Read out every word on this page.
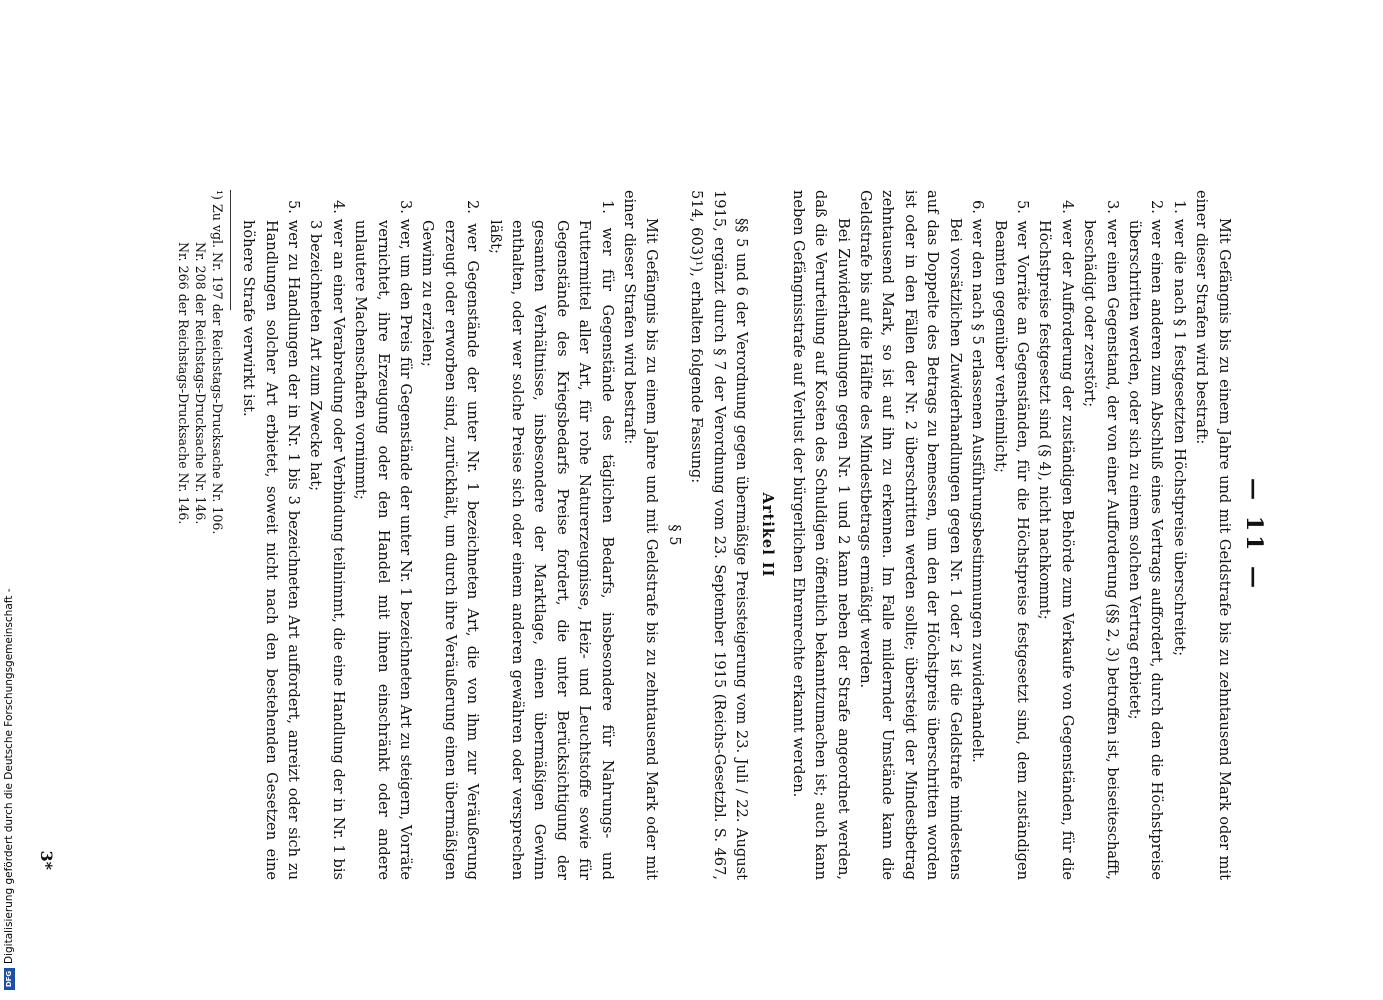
— 11 —

Mit Gefängnis bis zu einem Jahre und mit Geldstrafe bis zu zehntausend Mark oder mit einer dieser Strafen wird bestraft:

1. wer die nach § 1 festgesetzten Höchstpreise überschreitet;

2. wer einen anderen zum Abschluß eines Vertrags auffordert, durch den die Höchstpreise überschritten werden, oder sich zu einem solchen Vertrag erbietet;

3. wer einen Gegenstand, der von einer Aufforderung (§§ 2, 3) betroffen ist, beiseiteschafft, beschädigt oder zerstört;

4. wer der Aufforderung der zuständigen Behörde zum Verkaufe von Gegenständen, für die Höchstpreise festgesetzt sind (§ 4), nicht nachkommt;

5. wer Vorräte an Gegenständen, für die Höchstpreise festgesetzt sind, dem zuständigen Beamten gegenüber verheimlicht;

6. wer den nach § 5 erlassenen Ausführungsbestimmungen zuwiderhandelt.

Bei vorsätzlichen Zuwiderhandlungen gegen Nr. 1 oder 2 ist die Geldstrafe mindestens auf das Doppelte des Betrags zu bemessen, um den der Höchstpreis überschritten worden ist oder in den Fällen der Nr. 2 überschritten werden sollte; übersteigt der Mindestbetrag zehntausend Mark, so ist auf ihn zu erkennen. Im Falle mildernder Umstände kann die Geldstrafe bis auf die Hälfte des Mindestbetrags ermäßigt werden.

Bei Zuwiderhandlungen gegen Nr. 1 und 2 kann neben der Strafe angeordnet werden, daß die Verurteilung auf Kosten des Schuldigen öffentlich bekanntzumachen ist; auch kann neben Gefängnisstrafe auf Verlust der bürgerlichen Ehrenrechte erkannt werden.

Artikel II

§§ 5 und 6 der Verordnung gegen übermäßige Preissteigerung vom 23. Juli / 22. August 1915, ergänzt durch § 7 der Verordnung vom 23. September 1915 (Reichs-Gesetzbl. S. 467, 514, 603)¹), erhalten folgende Fassung:

§ 5

Mit Gefängnis bis zu einem Jahre und mit Geldstrafe bis zu zehntausend Mark oder mit einer dieser Strafen wird bestraft:

1. wer für Gegenstände des täglichen Bedarfs, insbesondere für Nahrungs- und Futtermittel aller Art, für rohe Naturerzeugnisse, Heiz- und Leuchtstoffe sowie für Gegenstände des Kriegsbedarfs Preise fordert, die unter Berücksichtigung der gesamten Verhältnisse, insbesondere der Marktlage, einen übermäßigen Gewinn enthalten, oder wer solche Preise sich oder einem anderen gewähren oder versprechen läßt;

2. wer Gegenstände der unter Nr. 1 bezeichneten Art, die von ihm zur Veräußerung erzeugt oder erworben sind, zurückhält, um durch ihre Veräußerung einen übermäßigen Gewinn zu erzielen;

3. wer, um den Preis für Gegenstände der unter Nr. 1 bezeichneten Art zu steigern, Vorräte vernichtet, ihre Erzeugung oder den Handel mit ihnen einschränkt oder andere unlautere Machenschaften vornimmt;

4. wer an einer Verabredung oder Verbindung teilnimmt, die eine Handlung der in Nr. 1 bis 3 bezeichneten Art zum Zwecke hat;

5. wer zu Handlungen der in Nr. 1 bis 3 bezeichneten Art auffordert, anreizt oder sich zu Handlungen solcher Art erbietet, soweit nicht nach den bestehenden Gesetzen eine höhere Strafe verwirkt ist.

¹) Zu vgl. Nr. 197 der Reichstags-Drucksache Nr. 106.

Nr. 208 der Reichstags-Drucksache Nr. 146.

Nr. 266 der Reichstags-Drucksache Nr. 146.

3*
DFGDigitalisierung gefördert durch die Deutsche Forschungsgemeinschaft -
